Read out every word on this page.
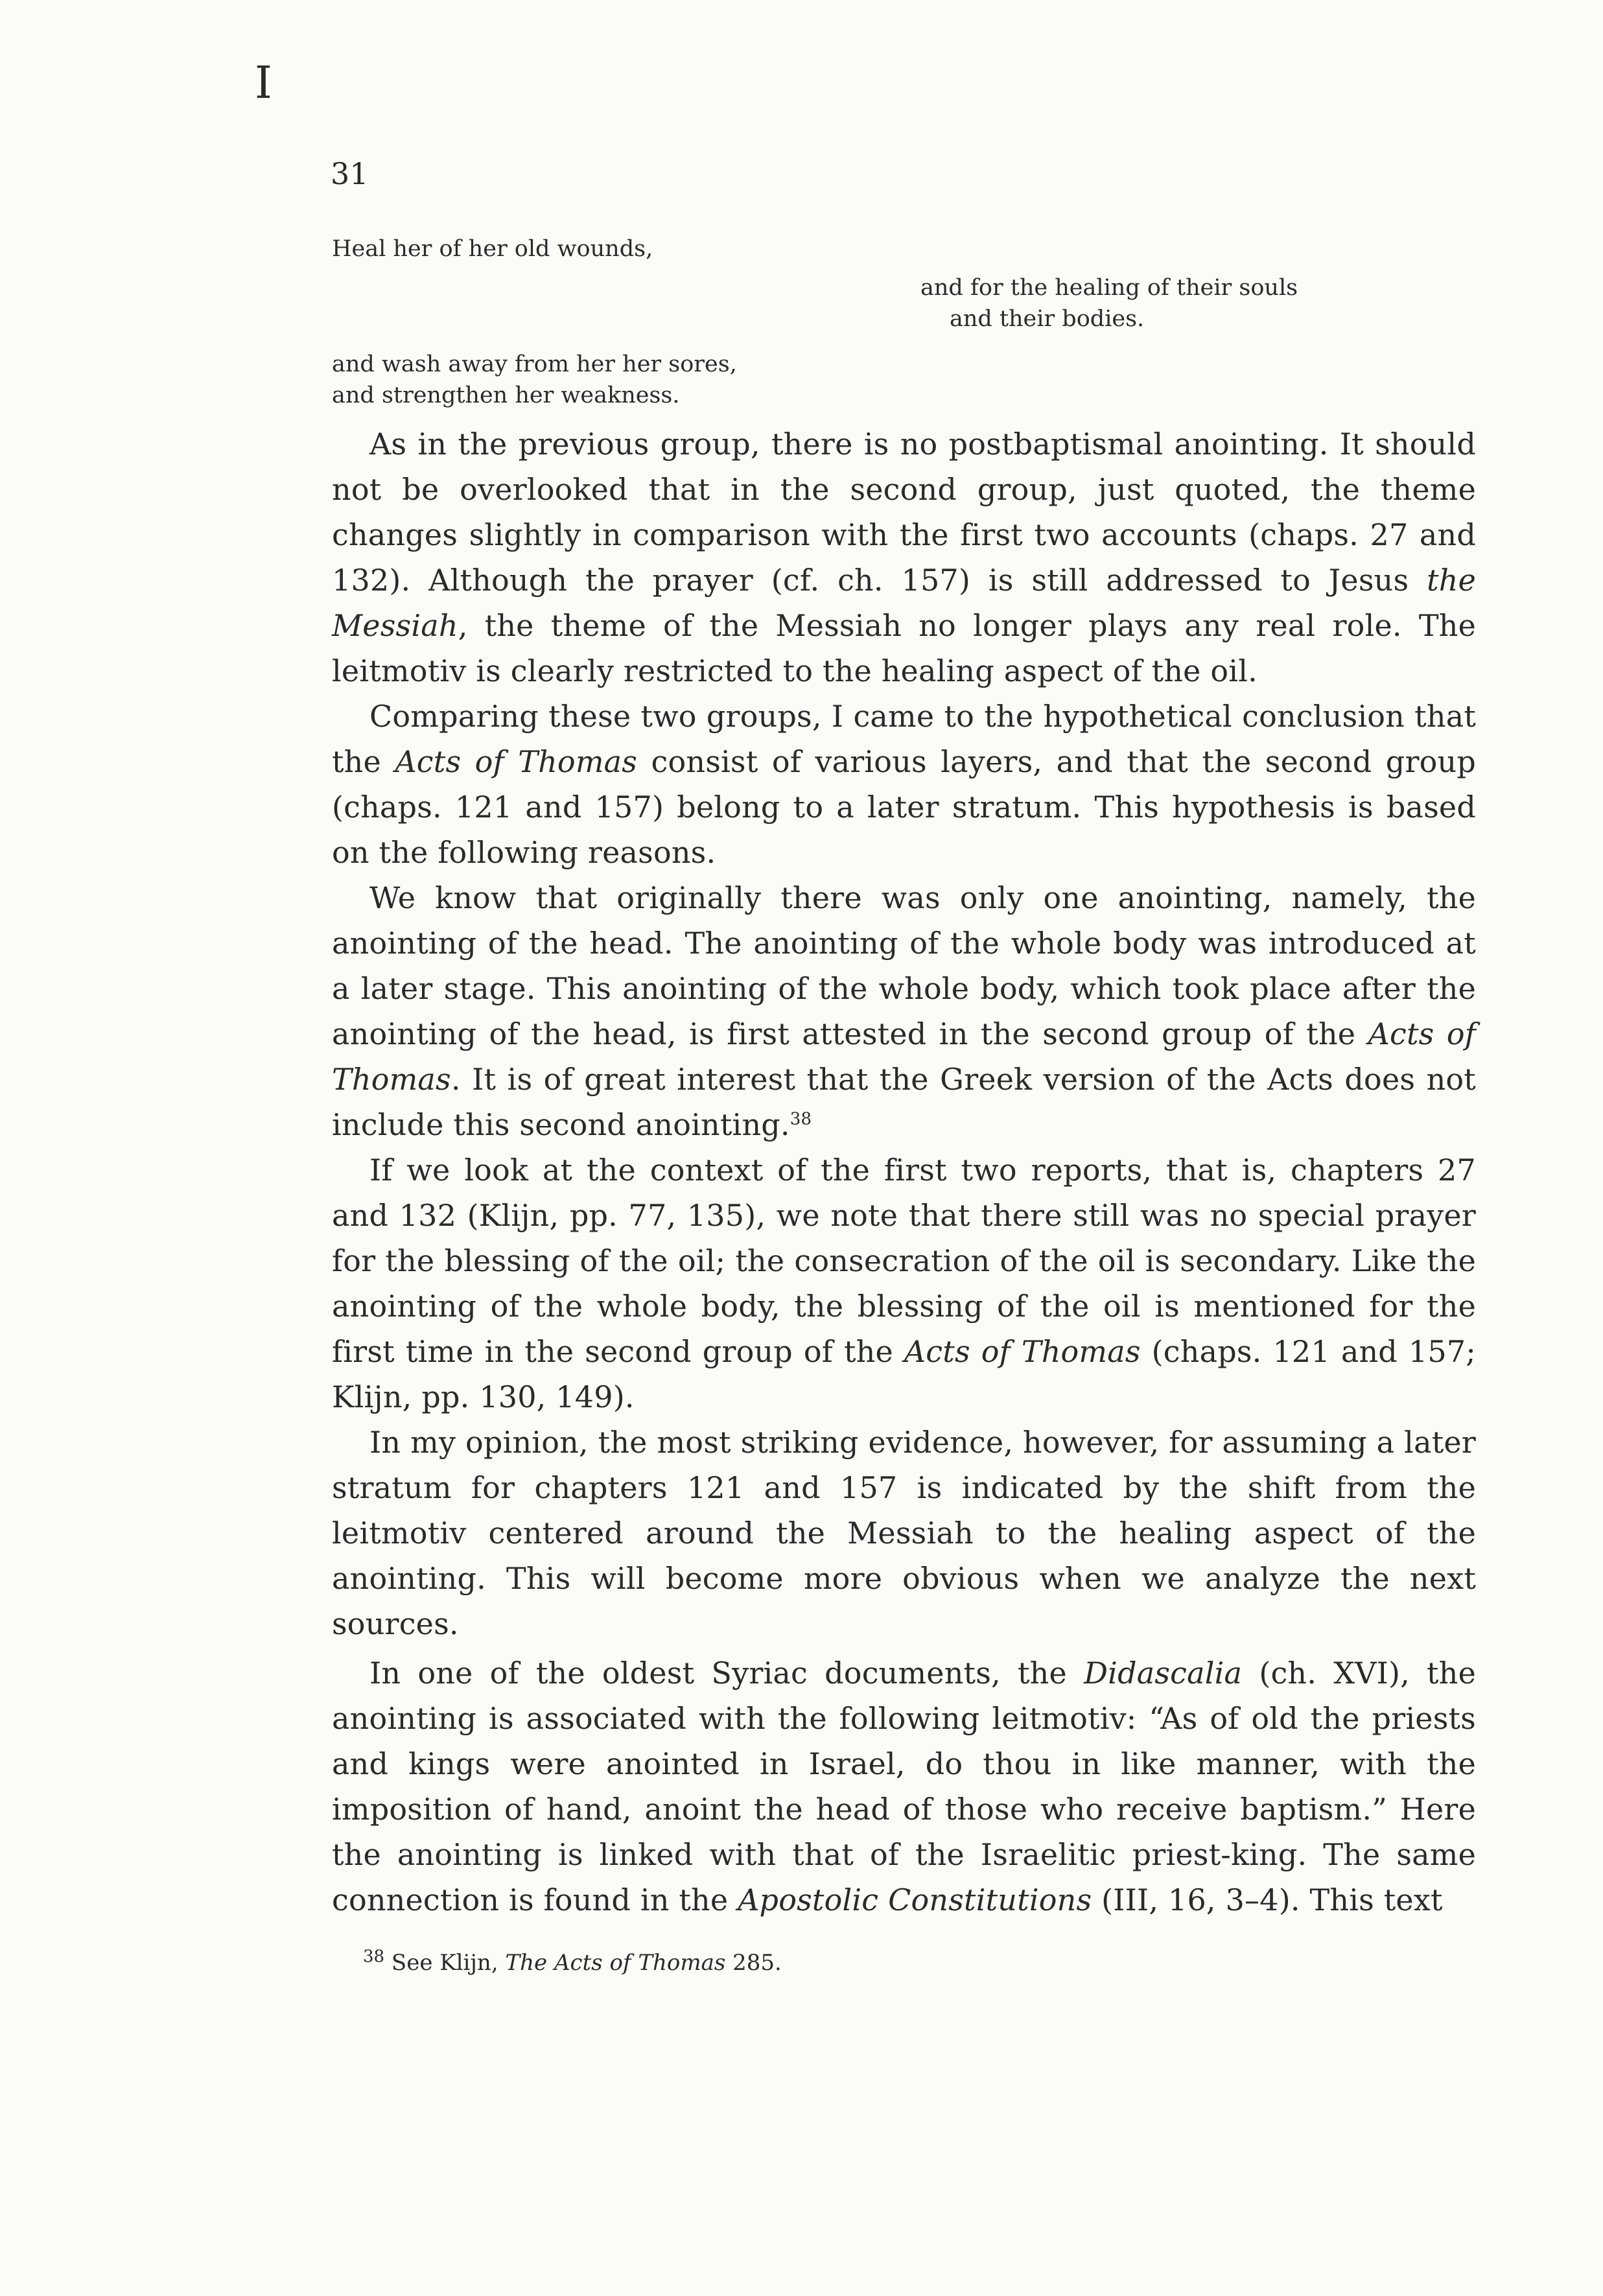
I
31
Heal her of her old wounds,
and wash away from her her sores,
and strengthen her weakness.
and for the healing of their souls
and their bodies.

As in the previous group, there is no postbaptismal anointing. It should not be overlooked that in the second group, just quoted, the theme changes slightly in comparison with the first two accounts (chaps. 27 and 132). Although the prayer (cf. ch. 157) is still addressed to Jesus the Messiah, the theme of the Messiah no longer plays any real role. The leitmotiv is clearly restricted to the healing aspect of the oil.

Comparing these two groups, I came to the hypothetical conclusion that the Acts of Thomas consist of various layers, and that the second group (chaps. 121 and 157) belong to a later stratum. This hypothesis is based on the following reasons.

We know that originally there was only one anointing, namely, the anointing of the head. The anointing of the whole body was introduced at a later stage. This anointing of the whole body, which took place after the anointing of the head, is first attested in the second group of the Acts of Thomas. It is of great interest that the Greek version of the Acts does not include this second anointing.$^{38}$

If we look at the context of the first two reports, that is, chapters 27 and 132 (Klijn, pp. 77, 135), we note that there still was no special prayer for the blessing of the oil; the consecration of the oil is secondary. Like the anointing of the whole body, the blessing of the oil is mentioned for the first time in the second group of the Acts of Thomas (chaps. 121 and 157; Klijn, pp. 130, 149).

In my opinion, the most striking evidence, however, for assuming a later stratum for chapters 121 and 157 is indicated by the shift from the leitmotiv centered around the Messiah to the healing aspect of the anointing. This will become more obvious when we analyze the next sources.

In one of the oldest Syriac documents, the Didascalia (ch. XVI), the anointing is associated with the following leitmotiv: “As of old the priests and kings were anointed in Israel, do thou in like manner, with the imposition of hand, anoint the head of those who receive baptism.” Here the anointing is linked with that of the Israelitic priest-king. The same connection is found in the Apostolic Constitutions (III, 16, 3–4). This text

$^{38}$ See Klijn, The Acts of Thomas 285.
